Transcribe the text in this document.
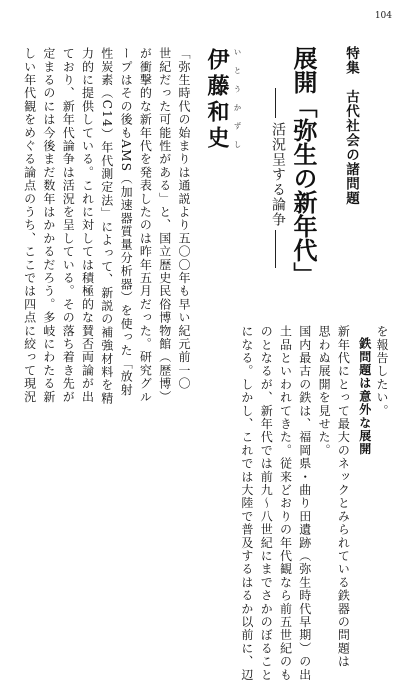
104
特集　古代社会の諸問題
展開「弥生の新年代」
活況呈する論争
いとうかずし
伊藤和史
「弥生時代の始まりは通説より五〇〇年も早い紀元前一〇
世紀だった可能性がある」と、国立歴史民俗博物館（歴博）
が衝撃的な新年代を発表したのは昨年五月だった。研究グル
ープはその後もAMS（加速器質量分析器）を使った「放射
性炭素（C14）年代測定法」によって、新説の補強材料を精
力的に提供している。これに対しては積極的な賛否両論が出
ており、新年代論争は活況を呈している。その落ち着き先が
定まるのには今後まだ数年はかかるだろう。多岐にわたる新
しい年代観をめぐる論点のうち、ここでは四点に絞って現況	を報告したい。
新年代にとって最大のネックとみられている鉄器の問題は
思わぬ展開を見せた。
国内最古の鉄は、福岡県・曲り田遺跡（弥生時代早期）の出
土品といわれてきた。従来どおりの年代観なら前五世紀のも
のとなるが、新年代では前九～八世紀にまでさかのぼること
になる。しかし、これでは大陸で普及するはるか以前に、辺	鉄問題は意外な展開
